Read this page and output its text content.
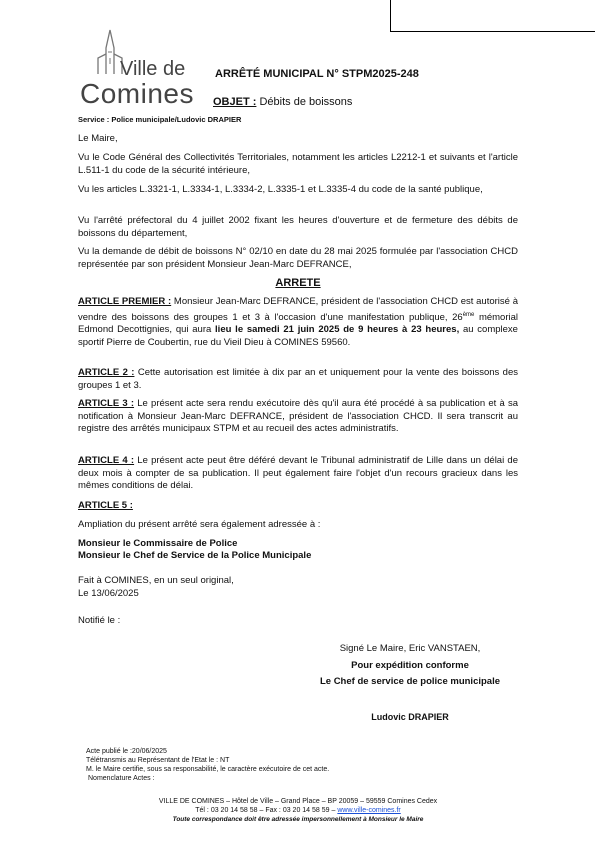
Ville de
Comines
ARRÊTÉ MUNICIPAL N° STPM2025-248
OBJET : Débits de boissons
Service : Police municipale/Ludovic DRAPIER
Le Maire,
Vu le Code Général des Collectivités Territoriales, notamment les articles L2212-1 et suivants et l'article L.511-1 du code de la sécurité intérieure,
Vu les articles L.3321-1, L.3334-1, L.3334-2, L.3335-1 et L.3335-4 du code de la santé publique,
Vu l'arrêté préfectoral du 4 juillet 2002 fixant les heures d'ouverture et de fermeture des débits de boissons du département,
Vu la demande de débit de boissons N° 02/10 en date du 28 mai 2025 formulée par l'association CHCD représentée par son président Monsieur Jean-Marc DEFRANCE,
ARRETE
ARTICLE PREMIER : Monsieur Jean-Marc DEFRANCE, président de l'association CHCD est autorisé à vendre des boissons des groupes 1 et 3 à l'occasion d'une manifestation publique, 26ème mémorial Edmond Decottignies, qui aura lieu le samedi 21 juin 2025 de 9 heures à 23 heures, au complexe sportif Pierre de Coubertin, rue du Vieil Dieu à COMINES 59560.
ARTICLE 2 : Cette autorisation est limitée à dix par an et uniquement pour la vente des boissons des groupes 1 et 3.
ARTICLE 3 : Le présent acte sera rendu exécutoire dès qu'il aura été procédé à sa publication et à sa notification à Monsieur Jean-Marc DEFRANCE, président de l'association CHCD. Il sera transcrit au registre des arrêtés municipaux STPM et au recueil des actes administratifs.
ARTICLE 4 : Le présent acte peut être déféré devant le Tribunal administratif de Lille dans un délai de deux mois à compter de sa publication. Il peut également faire l'objet d'un recours gracieux dans les mêmes conditions de délai.
ARTICLE 5 :
Ampliation du présent arrêté sera également adressée à :
Monsieur le Commissaire de Police
Monsieur le Chef de Service de la Police Municipale
Fait à COMINES, en un seul original,
Le 13/06/2025
Notifié le :
Signé Le Maire, Eric VANSTAEN,
Pour expédition conforme
Le Chef de service de police municipale
Ludovic DRAPIER
Acte publié le :20/06/2025
Télétransmis au Représentant de l'Etat le : NT
M. le Maire certifie, sous sa responsabilité, le caractère exécutoire de cet acte.
Nomenclature Actes :
VILLE DE COMINES – Hôtel de Ville – Grand Place – BP 20059 – 59559 Comines Cedex
Tél : 03 20 14 58 58 – Fax : 03 20 14 58 59 – www.ville-comines.fr
Toute correspondance doit être adressée impersonnellement à Monsieur le Maire
